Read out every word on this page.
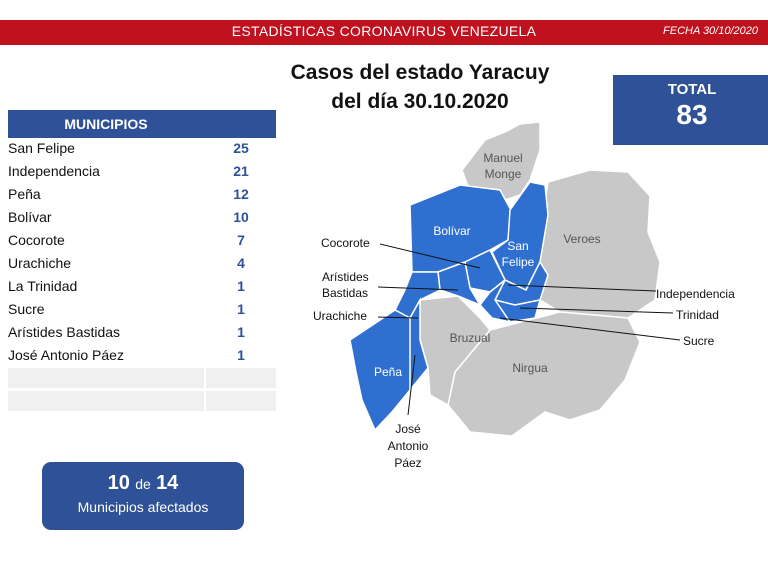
ESTADÍSTICAS CORONAVIRUS VENEZUELA	FECHA 30/10/2020
Casos del estado Yaracuy
del día 30.10.2020
TOTAL
83
MUNICIPIOS
San Felipe	25
Independencia	21
Peña	12
Bolívar	10
Cocorote	7
Urachiche	4
La Trinidad	1
Sucre	1
Arístides Bastidas	1
José Antonio Páez	1
10 de 14
Municipios afectados
Manuel
Monge
Bolívar
San
Felipe
Veroes
Bruzual
Nirgua
Peña
Cocorote
Arístides
Bastidas
Urachiche
Independencia
Trinidad
Sucre
José
Antonio
Páez
